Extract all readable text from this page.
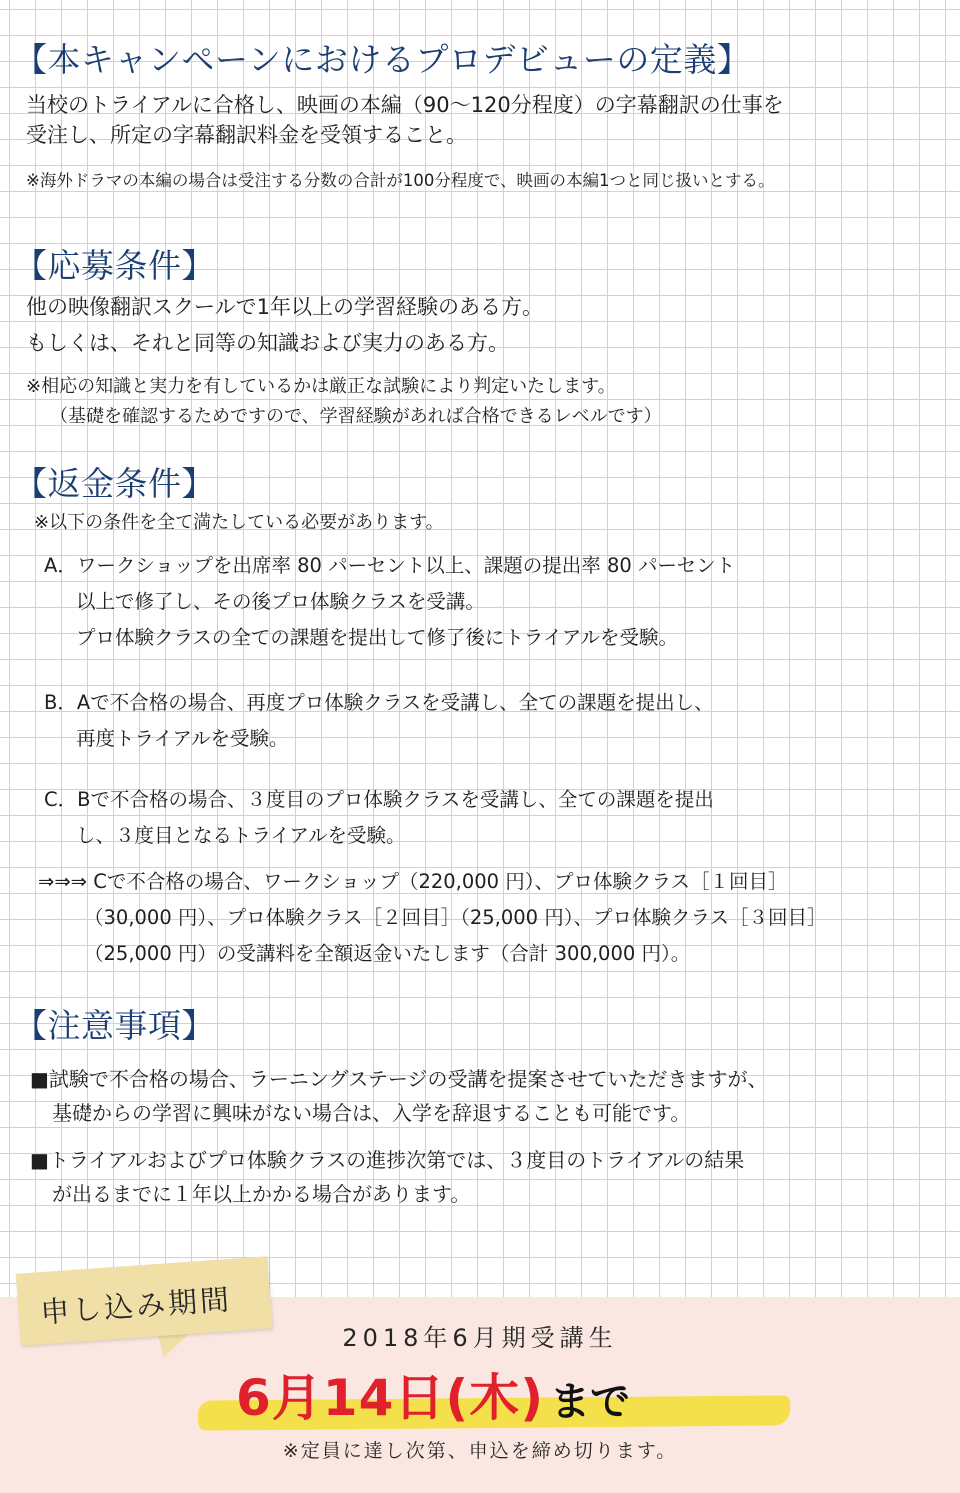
【本キャンペーンにおけるプロデビューの定義】

当校のトライアルに合格し、映画の本編（90〜120分程度）の字幕翻訳の仕事を
受注し、所定の字幕翻訳料金を受領すること。

※海外ドラマの本編の場合は受注する分数の合計が100分程度で、映画の本編1つと同じ扱いとする。

【応募条件】

他の映像翻訳スクールで1年以上の学習経験のある方。
もしくは、それと同等の知識および実力のある方。

※相応の知識と実力を有しているかは厳正な試験により判定いたします。
（基礎を確認するためですので、学習経験があれば合格できるレベルです）

【返金条件】

※以下の条件を全て満たしている必要があります。

A．ワークショップを出席率 80 パーセント以上、課題の提出率 80 パーセント
以上で修了し、その後プロ体験クラスを受講。
プロ体験クラスの全ての課題を提出して修了後にトライアルを受験。

B．Aで不合格の場合、再度プロ体験クラスを受講し、全ての課題を提出し、
再度トライアルを受験。

C．Bで不合格の場合、３度目のプロ体験クラスを受講し、全ての課題を提出
し、３度目となるトライアルを受験。

⇒⇒⇒ Cで不合格の場合、ワークショップ（220,000 円）、プロ体験クラス［１回目］
（30,000 円）、プロ体験クラス［２回目］（25,000 円）、プロ体験クラス［３回目］
（25,000 円）の受講料を全額返金いたします（合計 300,000 円）。

【注意事項】

■試験で不合格の場合、ラーニングステージの受講を提案させていただきますが、
基礎からの学習に興味がない場合は、入学を辞退することも可能です。

■トライアルおよびプロ体験クラスの進捗次第では、３度目のトライアルの結果
が出るまでに１年以上かかる場合があります。

申し込み期間
2018年6月期受講生
6月14日(木) まで
※定員に達し次第、申込を締め切ります。
